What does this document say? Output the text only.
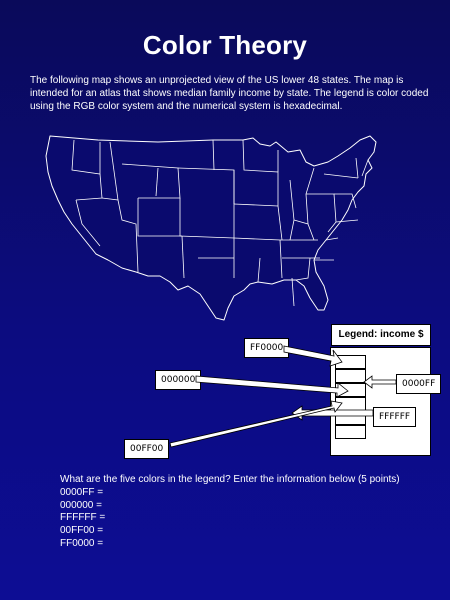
Color Theory
The following map shows an unprojected view of the US lower 48 states. The map is intended for an atlas that shows median family income by state. The legend is color coded using the RGB color system and the numerical system is hexadecimal.
Legend: income $
FF0000
000000	0000FF
FFFFFF
00FF00
What are the five colors in the legend? Enter the information below (5 points)
0000FF =
000000 =
FFFFFF =
00FF00 =
FF0000 =
